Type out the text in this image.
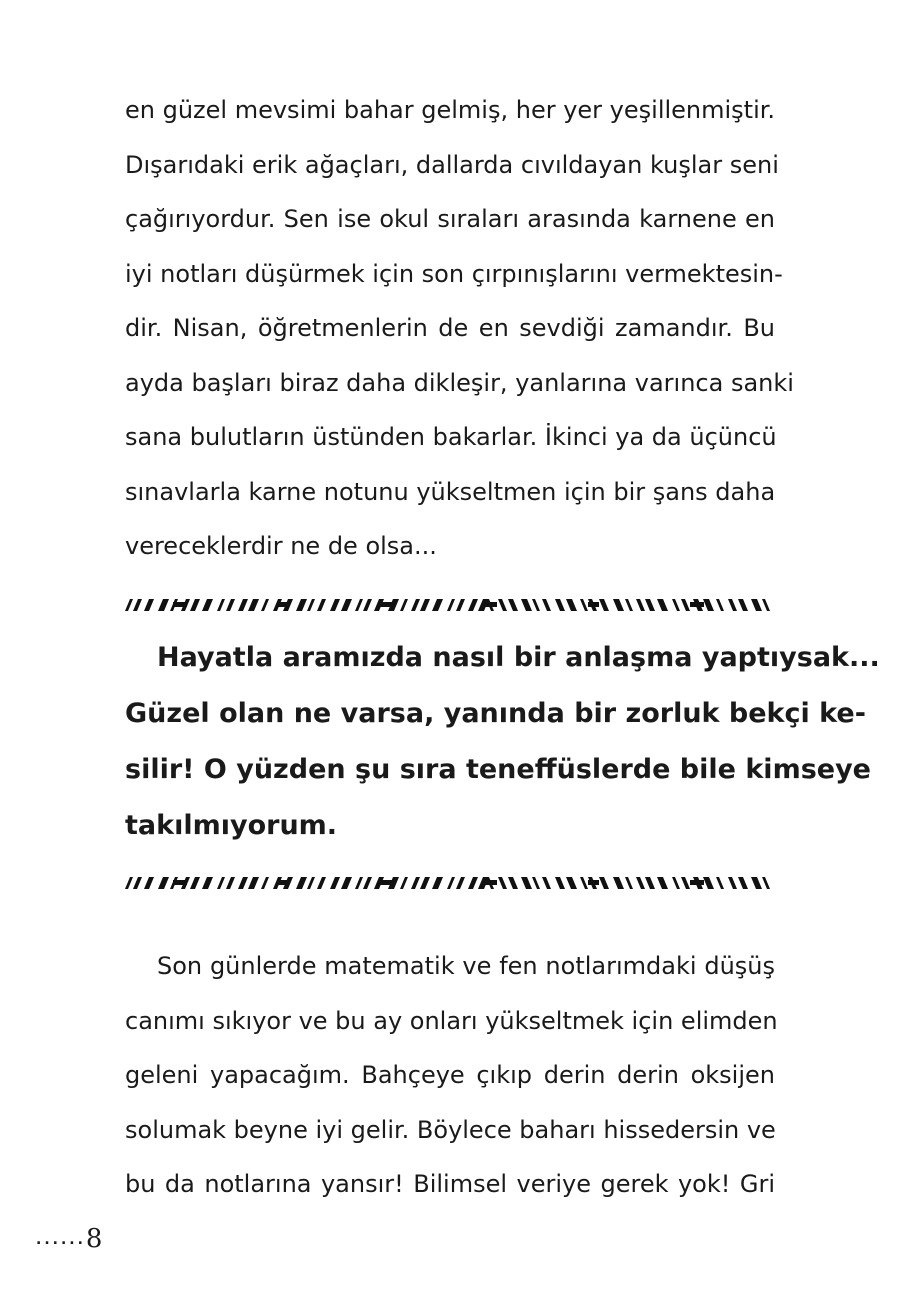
en güzel mevsimi bahar gelmiş, her yer yeşillenmiştir.
Dışarıdaki erik ağaçları, dallarda cıvıldayan kuşlar seni
çağırıyordur. Sen ise okul sıraları arasında karnene en
iyi notları düşürmek için son çırpınışlarını vermektesin-
dir. Nisan, öğretmenlerin de en sevdiği zamandır. Bu
ayda başları biraz daha dikleşir, yanlarına varınca sanki
sana bulutların üstünden bakarlar. İkinci ya da üçüncü
sınavlarla karne notunu yükseltmen için bir şans daha
vereceklerdir ne de olsa...
Hayatla aramızda nasıl bir anlaşma yaptıysak...
Güzel olan ne varsa, yanında bir zorluk bekçi ke-
silir! O yüzden şu sıra teneffüslerde bile kimseye
takılmıyorum.
Son günlerde matematik ve fen notlarımdaki düşüş
canımı sıkıyor ve bu ay onları yükseltmek için elimden
geleni yapacağım. Bahçeye çıkıp derin derin oksijen
solumak beyne iyi gelir. Böylece baharı hissedersin ve
bu da notlarına yansır! Bilimsel veriye gerek yok! Gri
......8
